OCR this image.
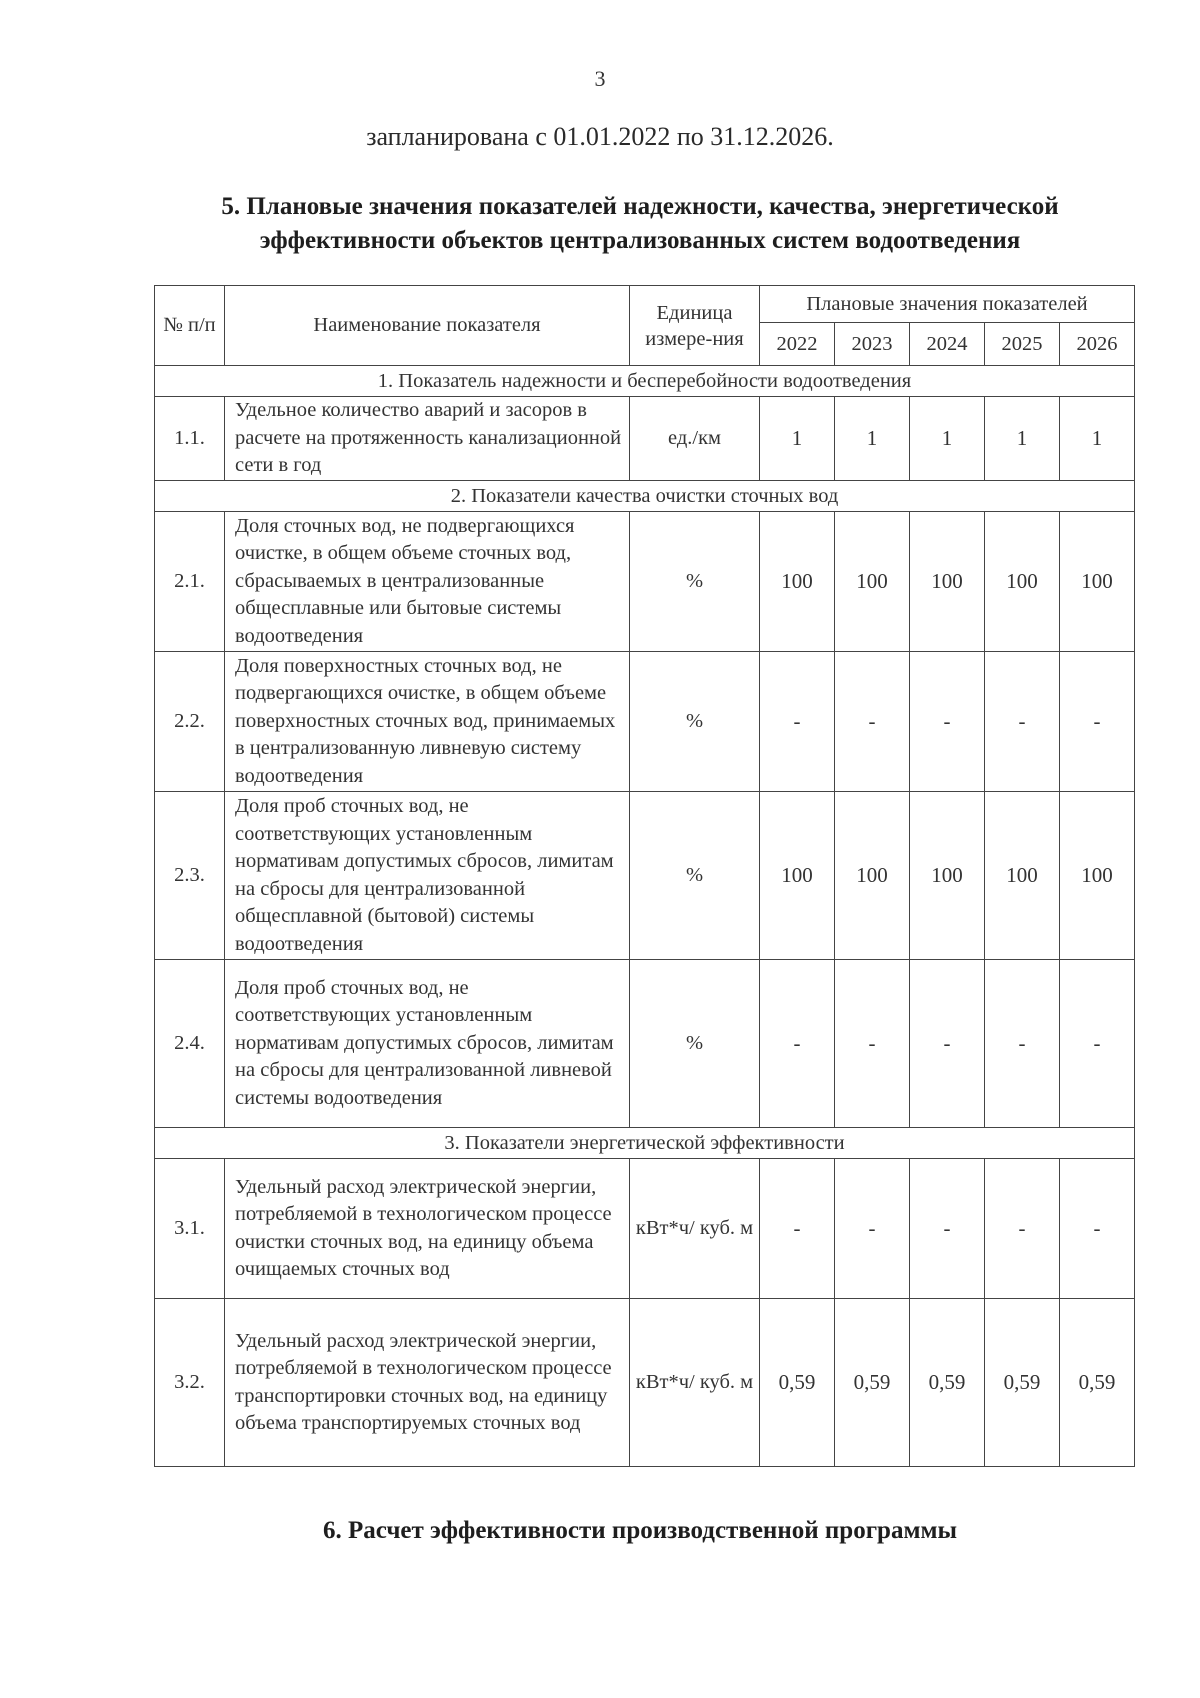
3
запланирована с 01.01.2022 по 31.12.2026.
5. Плановые значения показателей надежности, качества, энергетической
эффективности объектов централизованных систем водоотведения
№ п/п	Наименование показателя	Единица измере-ния	Плановые значения показателей				
			2022	2023	2024	2025	2026
1. Показатель надежности и бесперебойности водоотведения							
1.1.	Удельное количество аварий и засоров в расчете на протяженность канализационной сети в год	ед./км	1	1	1	1	1
2. Показатели качества очистки сточных вод							
2.1.	Доля сточных вод, не подвергающихся очистке, в общем объеме сточных вод, сбрасываемых в централизованные общесплавные или бытовые системы водоотведения	%	100	100	100	100	100
2.2.	Доля поверхностных сточных вод, не подвергающихся очистке, в общем объеме поверхностных сточных вод, принимаемых в централизованную ливневую систему водоотведения	%	-	-	-	-	-
2.3.	Доля проб сточных вод, не соответствующих установленным нормативам допустимых сбросов, лимитам на сбросы для централизованной общесплавной (бытовой) системы водоотведения	%	100	100	100	100	100
2.4.	Доля проб сточных вод, не соответствующих установленным нормативам допустимых сбросов, лимитам на сбросы для централизованной ливневой системы водоотведения	%	-	-	-	-	-
3. Показатели энергетической эффективности							
3.1.	Удельный расход электрической энергии, потребляемой в технологическом процессе очистки сточных вод, на единицу объема очищаемых сточных вод	кВт*ч/ куб. м	-	-	-	-	-
3.2.	Удельный расход электрической энергии, потребляемой в технологическом процессе транспортировки сточных вод, на единицу объема транспортируемых сточных вод	кВт*ч/ куб. м	0,59	0,59	0,59	0,59	0,59
6. Расчет эффективности производственной программы
